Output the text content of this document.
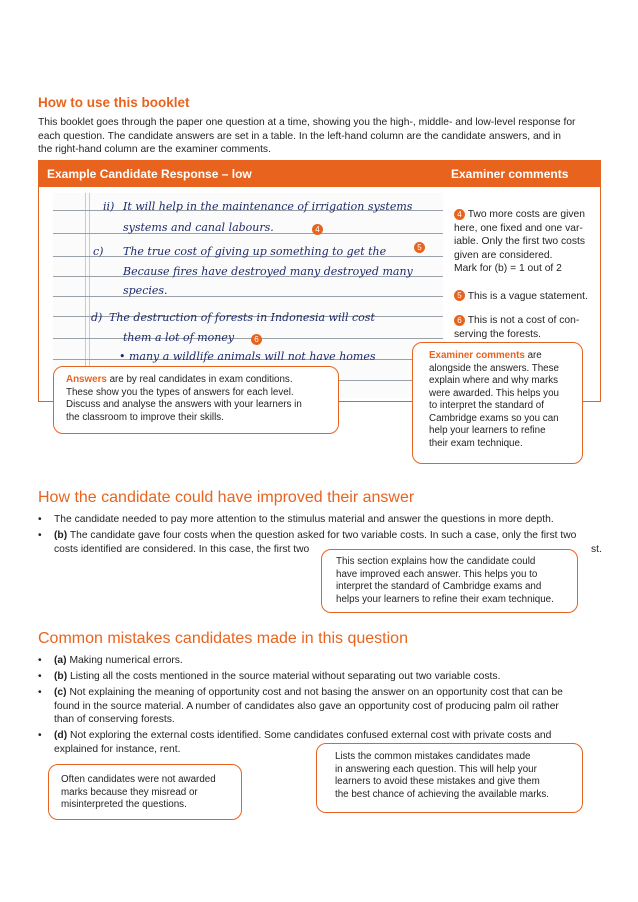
How to use this booklet
This booklet goes through the paper one question at a time, showing you the high-, middle- and low-level response for
each question. The candidate answers are set in a table. In the left-hand column are the candidate answers, and in
the right-hand column are the examiner comments.
Example Candidate Response – low	Examiner comments
ii) It will help in the maintenance of irrigation systems
systems and canal labours.
c) The true cost of giving up something to get the
Because fires have destroyed many destroyed many
species.
d) The destruction of forests in Indonesia will cost
them a lot of money
• many a wildlife animals will not have homes
4
5
6
4 Two more costs are given
here, one fixed and one var-
iable. Only the first two costs
given are considered.
Mark for (b) = 1 out of 2
5 This is a vague statement.
6 This is not a cost of con-
serving the forests.
Answers are by real candidates in exam conditions.
These show you the types of answers for each level.
Discuss and analyse the answers with your learners in
the classroom to improve their skills.
Examiner comments are
alongside the answers. These
explain where and why marks
were awarded. This helps you
to interpret the standard of
Cambridge exams so you can
help your learners to refine
their exam technique.
How the candidate could have improved their answer
• The candidate needed to pay more attention to the stimulus material and answer the questions in more depth.
• (b) The candidate gave four costs when the question asked for two variable costs. In such a case, only the first two
costs identified are considered. In this case, the first two	st.
This section explains how the candidate could
have improved each answer. This helps you to
interpret the standard of Cambridge exams and
helps your learners to refine their exam technique.
Common mistakes candidates made in this question
• (a) Making numerical errors.
• (b) Listing all the costs mentioned in the source material without separating out two variable costs.
• (c) Not explaining the meaning of opportunity cost and not basing the answer on an opportunity cost that can be
found in the source material. A number of candidates also gave an opportunity cost of producing palm oil rather
than of conserving forests.
• (d) Not exploring the external costs identified. Some candidates confused external cost with private costs and
explained for instance, rent.
Lists the common mistakes candidates made
in answering each question. This will help your
learners to avoid these mistakes and give them
the best chance of achieving the available marks.
Often candidates were not awarded
marks because they misread or
misinterpreted the questions.
